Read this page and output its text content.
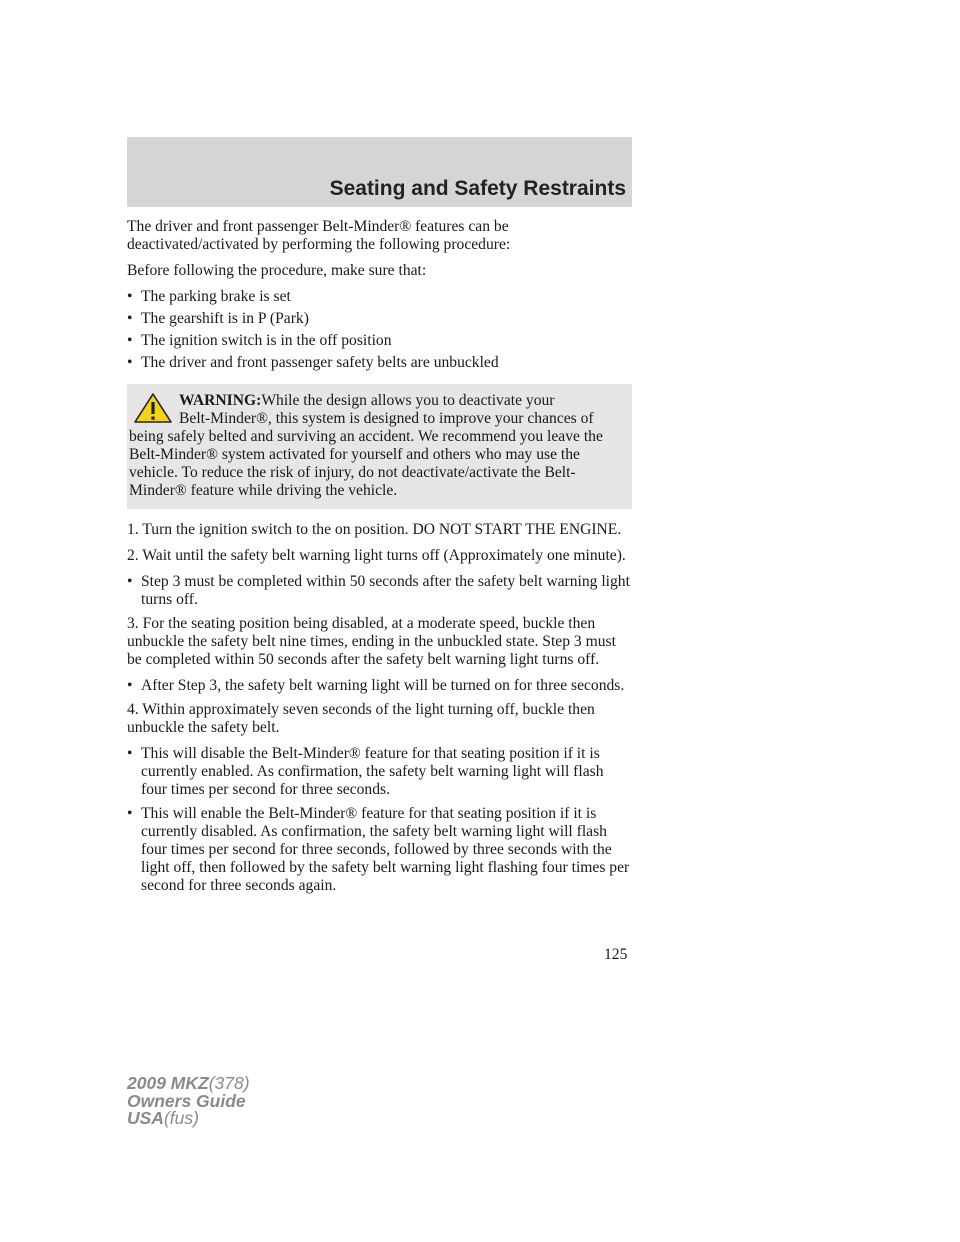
Seating and Safety Restraints

The driver and front passenger Belt-Minder® features can be deactivated/activated by performing the following procedure:

Before following the procedure, make sure that:

• The parking brake is set
• The gearshift is in P (Park)
• The ignition switch is in the off position
• The driver and front passenger safety belts are unbuckled
WARNING:While the design allows you to deactivate your
Belt-Minder®, this system is designed to improve your chances of
being safely belted and surviving an accident. We recommend you leave the Belt-Minder® system activated for yourself and others who may use the vehicle. To reduce the risk of injury, do not deactivate/activate the Belt-Minder® feature while driving the vehicle.

1. Turn the ignition switch to the on position. DO NOT START THE ENGINE.

2. Wait until the safety belt warning light turns off (Approximately one minute).

• Step 3 must be completed within 50 seconds after the safety belt warning light turns off.

3. For the seating position being disabled, at a moderate speed, buckle then unbuckle the safety belt nine times, ending in the unbuckled state. Step 3 must be completed within 50 seconds after the safety belt warning light turns off.

• After Step 3, the safety belt warning light will be turned on for three seconds.

4. Within approximately seven seconds of the light turning off, buckle then unbuckle the safety belt.

• This will disable the Belt-Minder® feature for that seating position if it is currently enabled. As confirmation, the safety belt warning light will flash four times per second for three seconds.
• This will enable the Belt-Minder® feature for that seating position if it is currently disabled. As confirmation, the safety belt warning light will flash four times per second for three seconds, followed by three seconds with the light off, then followed by the safety belt warning light flashing four times per second for three seconds again.
125
2009 MKZ(378)
Owners Guide
USA(fus)
